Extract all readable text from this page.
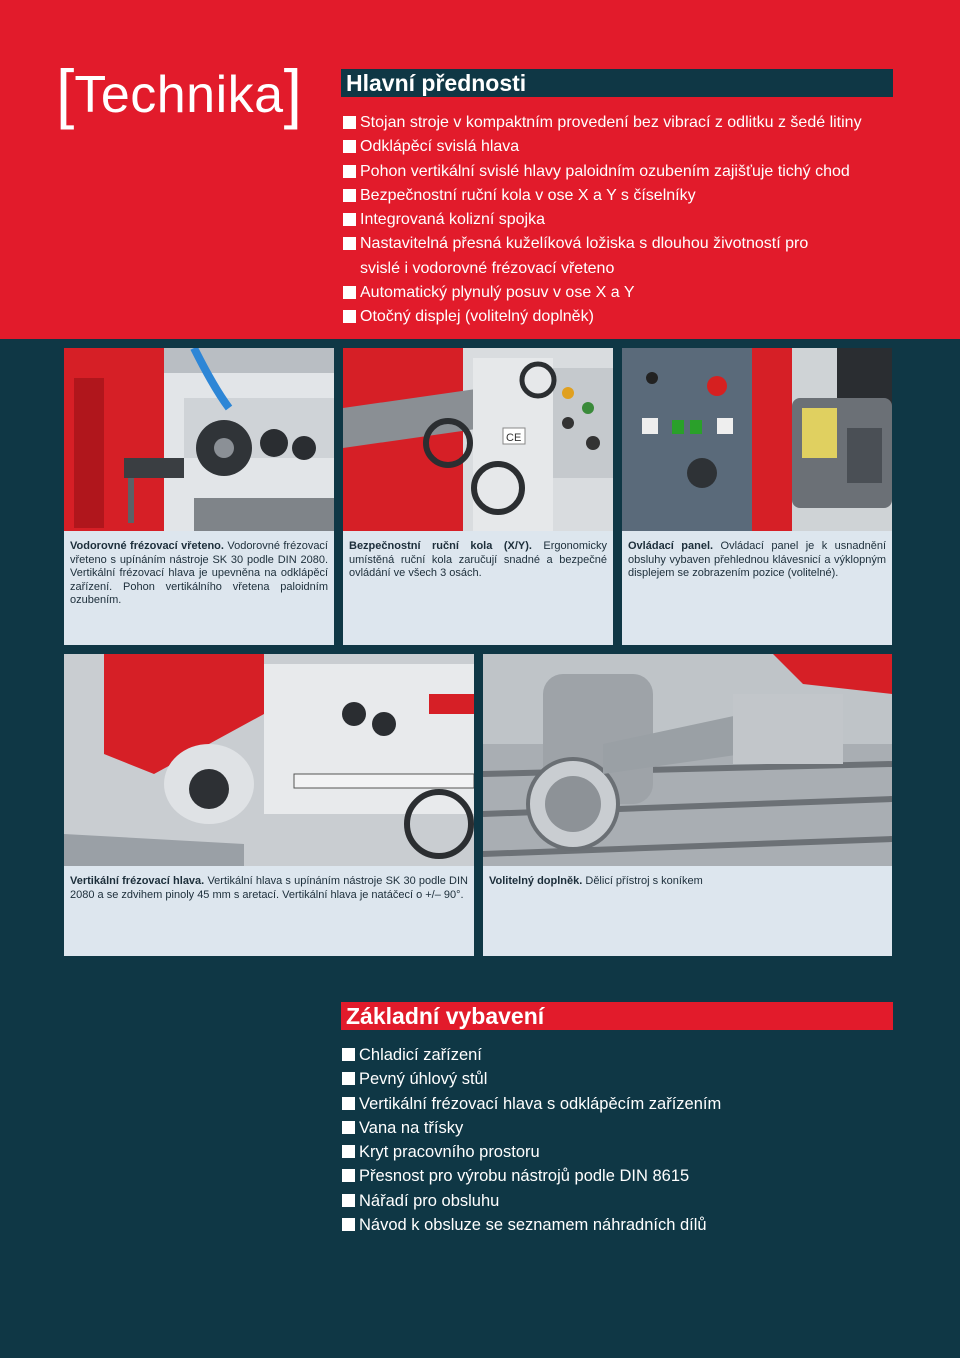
[Technika] Hlavní přednosti
Stojan stroje v kompaktním provedení bez vibrací z odlitku z šedé litiny
Odklápěcí svislá hlava
Pohon vertikální svislé hlavy paloidním ozubením zajišťuje tichý chod
Bezpečnostní ruční kola v ose X a Y s číselníky
Integrovaná kolizní spojka
Nastavitelná přesná kuželíková ložiska s dlouhou životností pro
svislé i vodorovné frézovací vřeteno
Automatický plynulý posuv v ose X a Y
Otočný displej (volitelný doplněk)
Vodorovné frézovací vřeteno. Vodorovné frézovací vřeteno s upínáním nástroje SK 30 podle DIN 2080. Vertikální frézovací hlava je upevněna na odklápěcí zařízení. Pohon vertikálního vřetena paloidním ozubením.
CE
Bezpečnostní ruční kola (X/Y). Ergonomicky umístěná ruční kola zaručují snadné a bezpečné ovládání ve všech 3 osách.
Ovládací panel. Ovládací panel je k usnadnění obsluhy vybaven přehlednou klávesnicí a výklopným displejem se zobrazením pozice (volitelné).
Vertikální frézovací hlava. Vertikální hlava s upínáním nástroje SK 30 podle DIN 2080 a se zdvihem pinoly 45 mm s aretací. Vertikální hlava je natáčecí o +/– 90°.
Volitelný doplněk. Dělicí přístroj s koníkem
Základní vybavení
Chladicí zařízení
Pevný úhlový stůl
Vertikální frézovací hlava s odklápěcím zařízením
Vana na třísky
Kryt pracovního prostoru
Přesnost pro výrobu nástrojů podle DIN 8615
Nářadí pro obsluhu
Návod k obsluze se seznamem náhradních dílů
